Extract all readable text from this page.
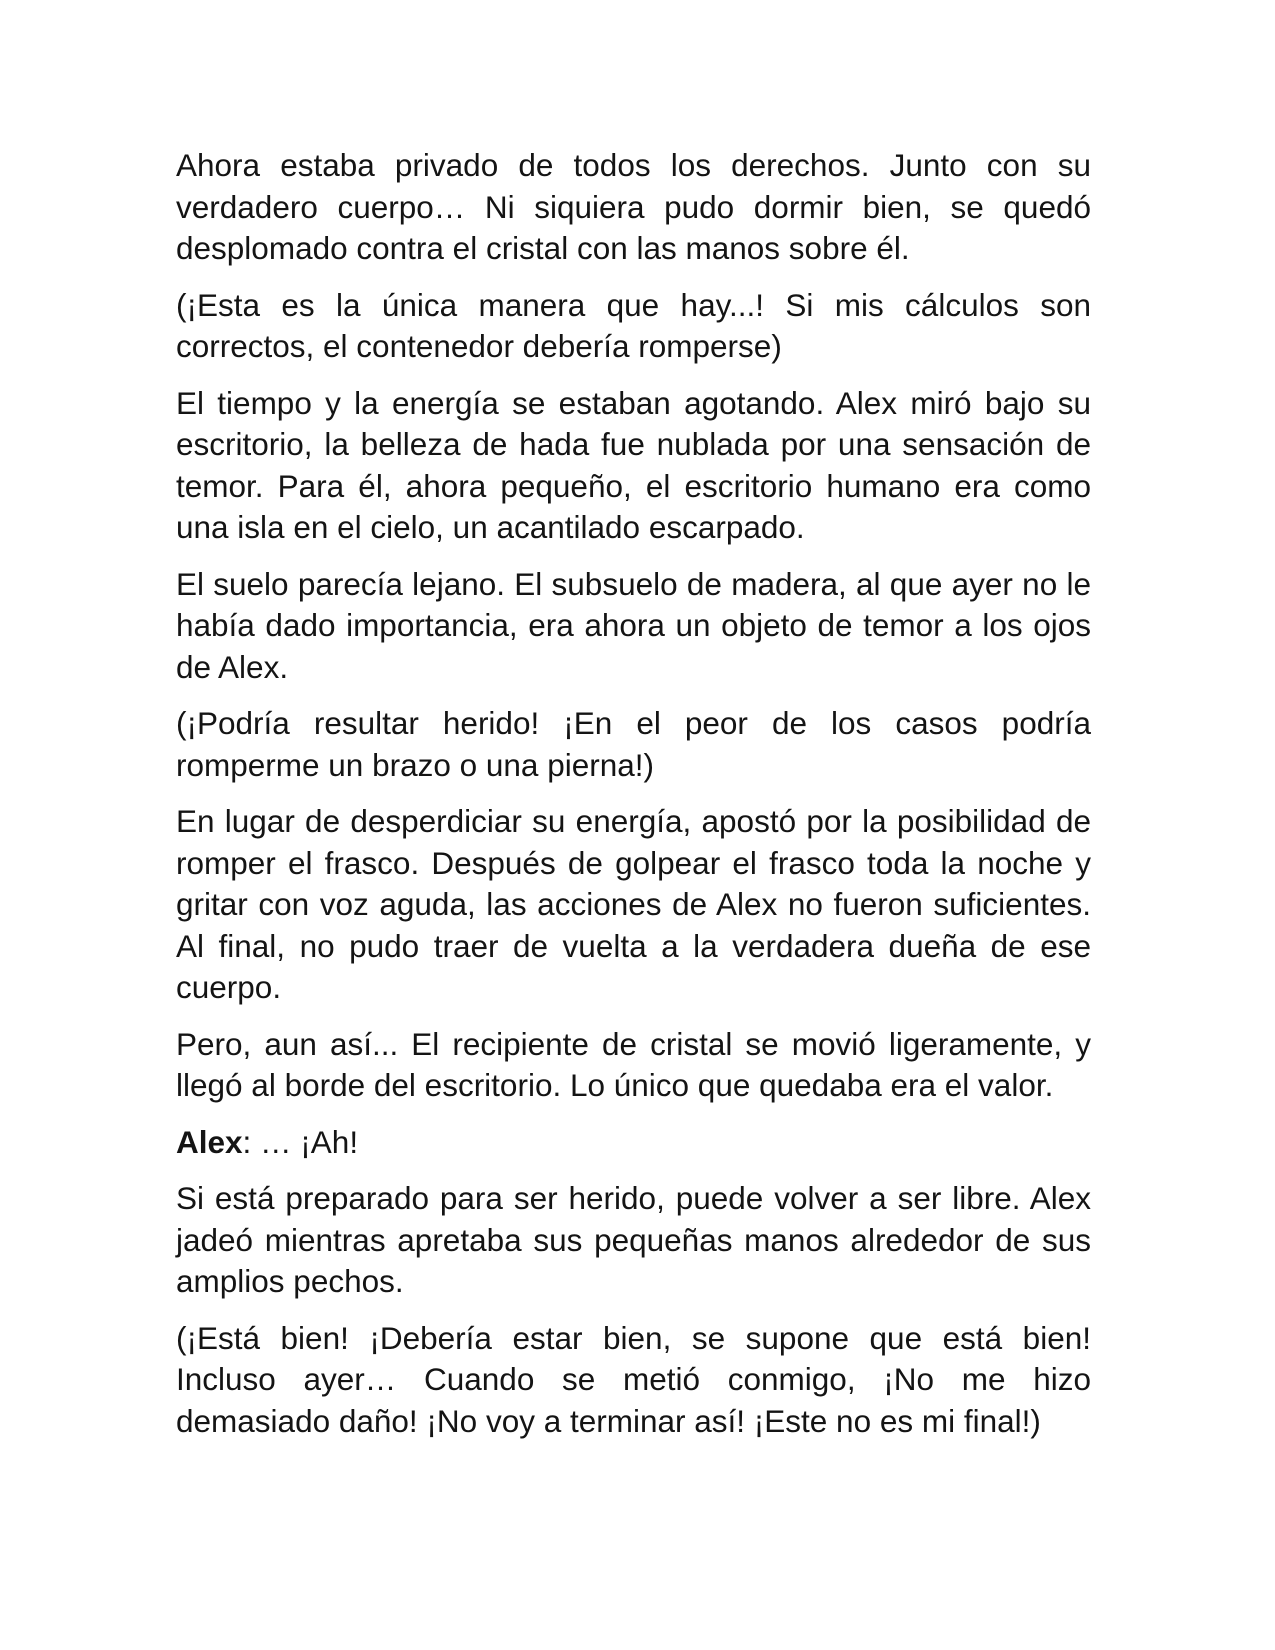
Ahora estaba privado de todos los derechos. Junto con su verdadero cuerpo… Ni siquiera pudo dormir bien, se quedó desplomado contra el cristal con las manos sobre él.

(¡Esta es la única manera que hay...! Si mis cálculos son correctos, el contenedor debería romperse)

El tiempo y la energía se estaban agotando. Alex miró bajo su escritorio, la belleza de hada fue nublada por una sensación de temor. Para él, ahora pequeño, el escritorio humano era como una isla en el cielo, un acantilado escarpado.

El suelo parecía lejano. El subsuelo de madera, al que ayer no le había dado importancia, era ahora un objeto de temor a los ojos de Alex.

(¡Podría resultar herido! ¡En el peor de los casos podría romperme un brazo o una pierna!)

En lugar de desperdiciar su energía, apostó por la posibilidad de romper el frasco. Después de golpear el frasco toda la noche y gritar con voz aguda, las acciones de Alex no fueron suficientes. Al final, no pudo traer de vuelta a la verdadera dueña de ese cuerpo.

Pero, aun así... El recipiente de cristal se movió ligeramente, y llegó al borde del escritorio. Lo único que quedaba era el valor.

Alex: … ¡Ah!

Si está preparado para ser herido, puede volver a ser libre. Alex jadeó mientras apretaba sus pequeñas manos alrededor de sus amplios pechos.

(¡Está bien! ¡Debería estar bien, se supone que está bien! Incluso ayer… Cuando se metió conmigo, ¡No me hizo demasiado daño! ¡No voy a terminar así! ¡Este no es mi final!)
